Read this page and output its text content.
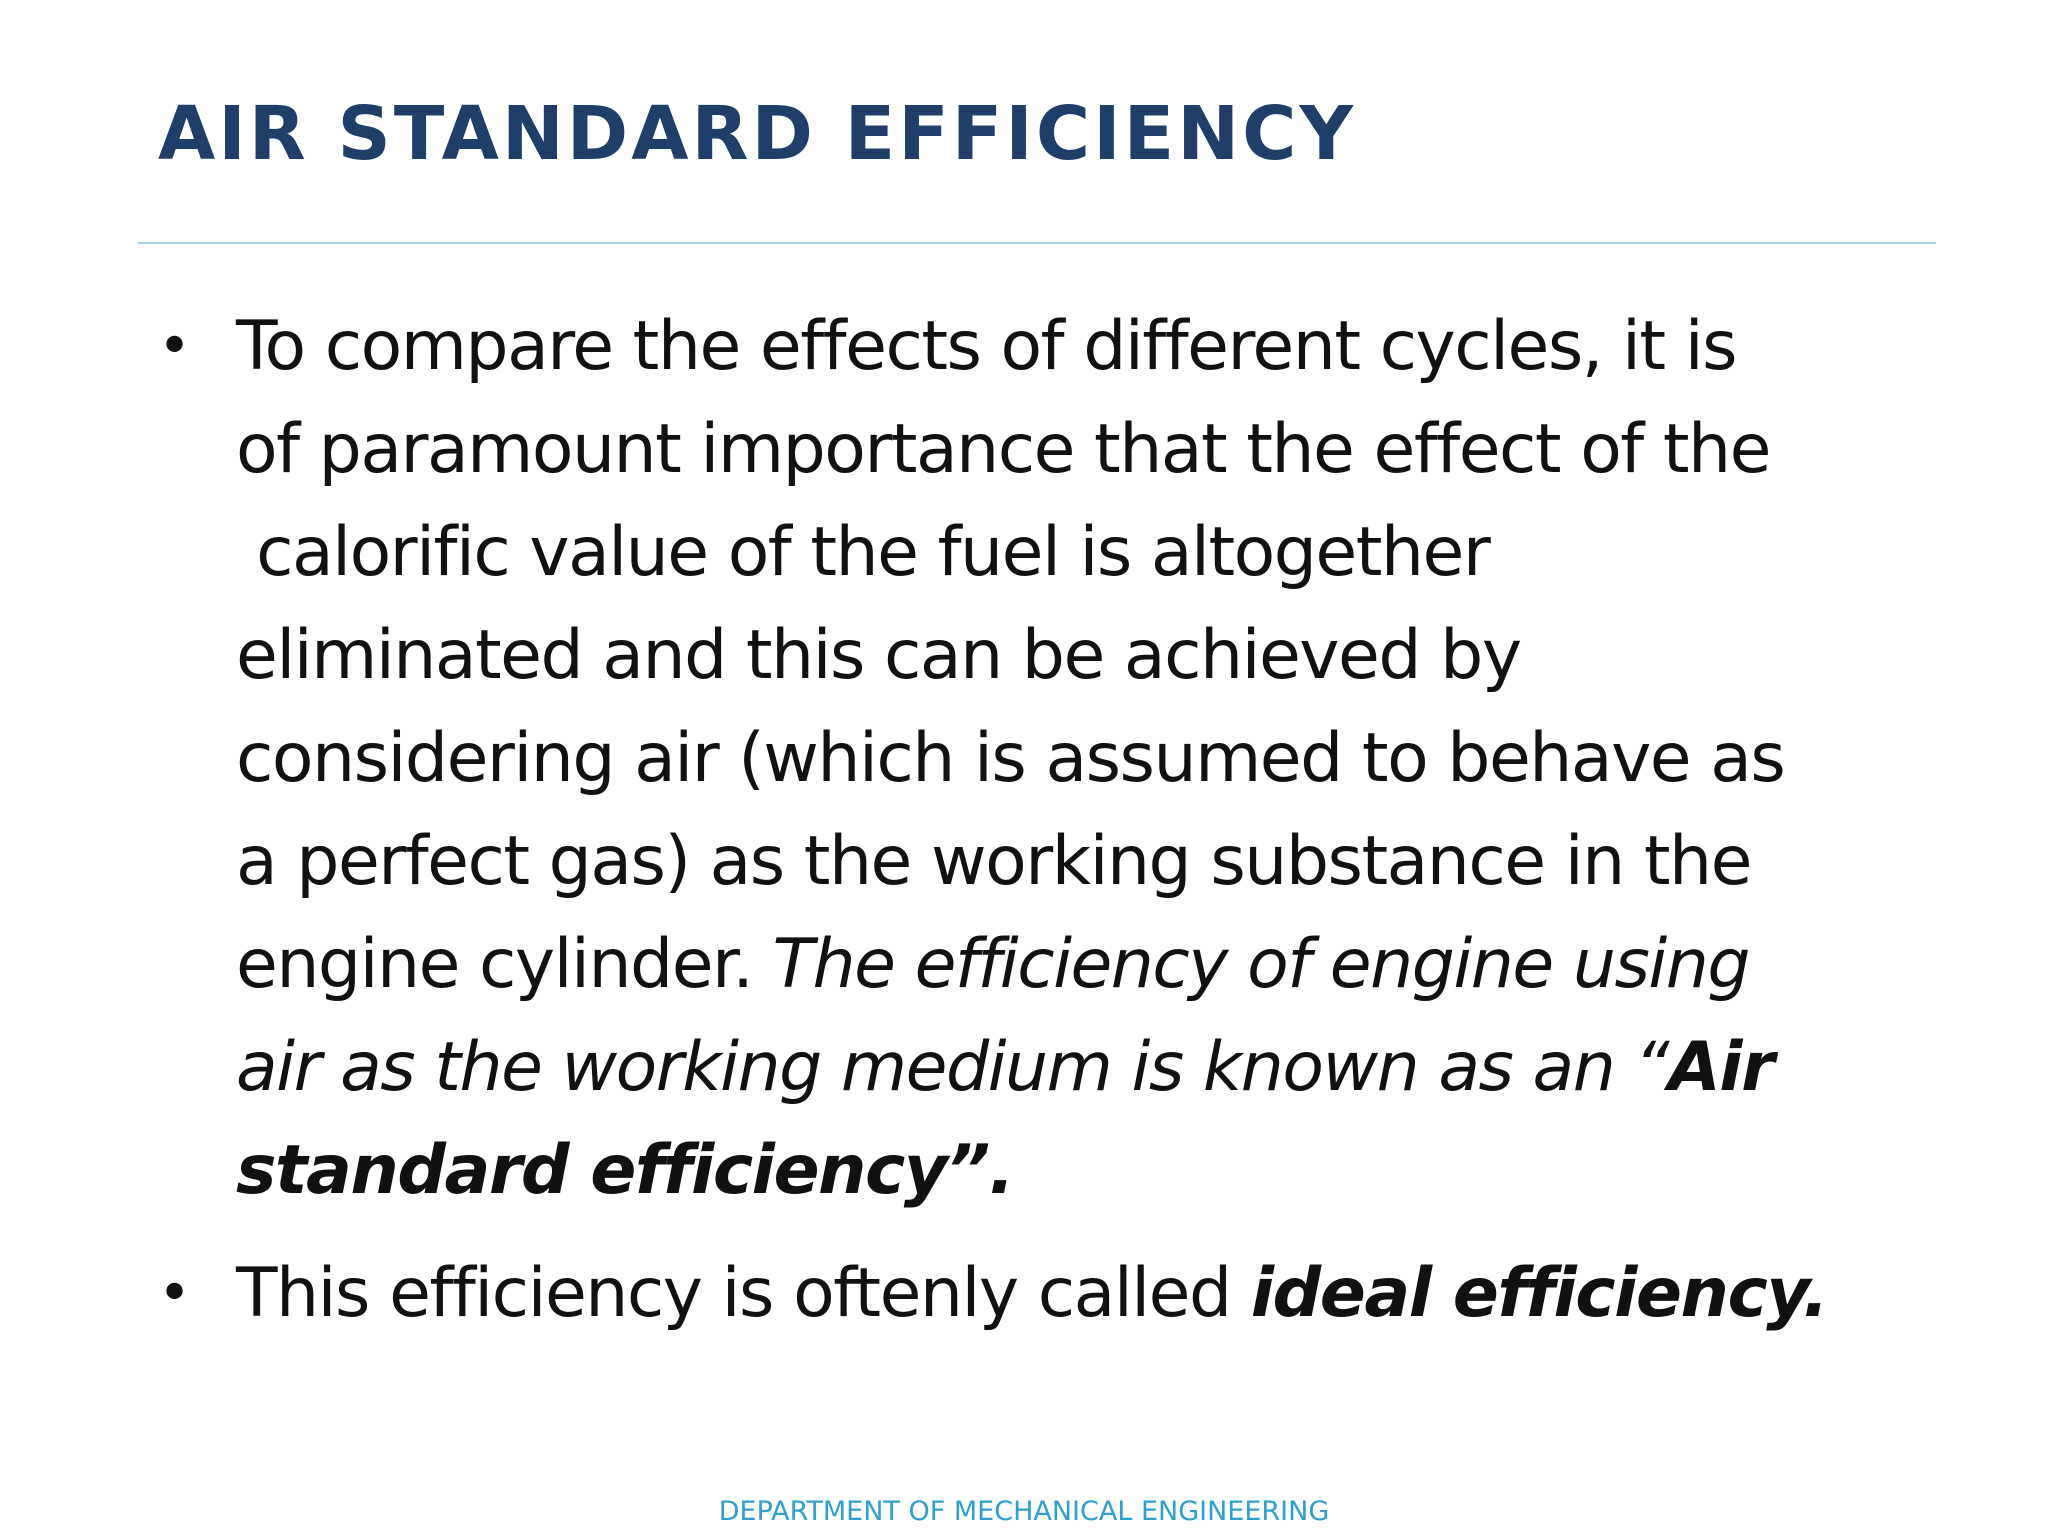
AIR STANDARD EFFICIENCY
• To compare the effects of different cycles, it is
of paramount importance that the effect of the
calorific value of the fuel is altogether
eliminated and this can be achieved by
considering air (which is assumed to behave as
a perfect gas) as the working substance in the
engine cylinder. The efficiency of engine using
air as the working medium is known as an “Air
standard efficiency”.
• This efficiency is oftenly called ideal efficiency.
DEPARTMENT OF MECHANICAL ENGINEERING
